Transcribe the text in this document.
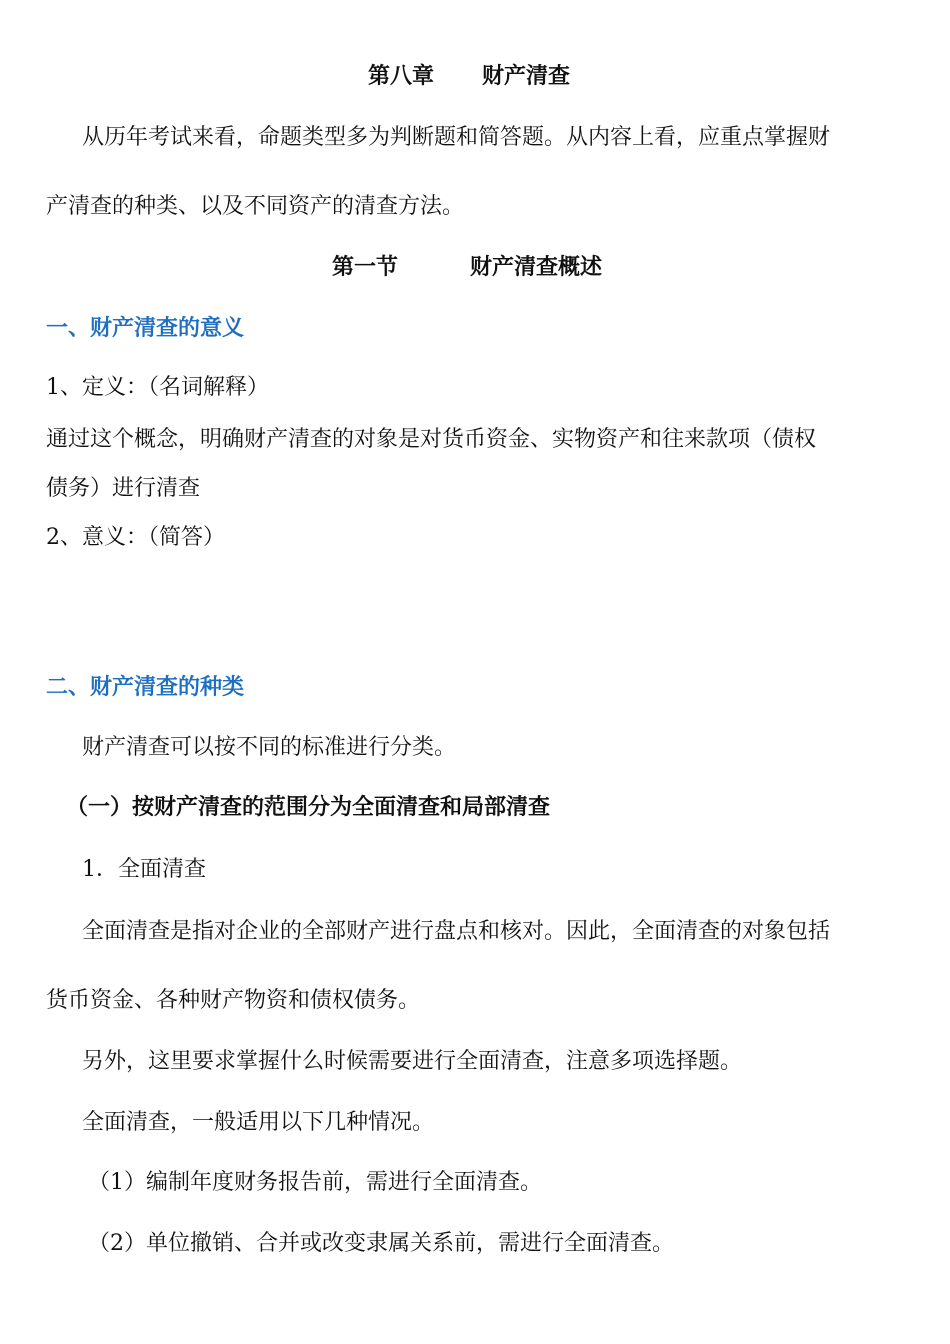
第八章 财产清查
从历年考试来看，命题类型多为判断题和简答题。从内容上看，应重点掌握财
产清查的种类、以及不同资产的清查方法。
第一节	财产清查概述
一、财产清查的意义
1、定义：（名词解释）
通过这个概念，明确财产清查的对象是对货币资金、实物资产和往来款项（债权
债务）进行清查
2、意义：（简答）
二、财产清查的种类
财产清查可以按不同的标准进行分类。
（一）按财产清查的范围分为全面清查和局部清查
1．全面清查
全面清查是指对企业的全部财产进行盘点和核对。因此，全面清查的对象包括
货币资金、各种财产物资和债权债务。
另外，这里要求掌握什么时候需要进行全面清查，注意多项选择题。
全面清查，一般适用以下几种情况。
（1）编制年度财务报告前，需进行全面清查。
（2）单位撤销、合并或改变隶属关系前，需进行全面清查。
